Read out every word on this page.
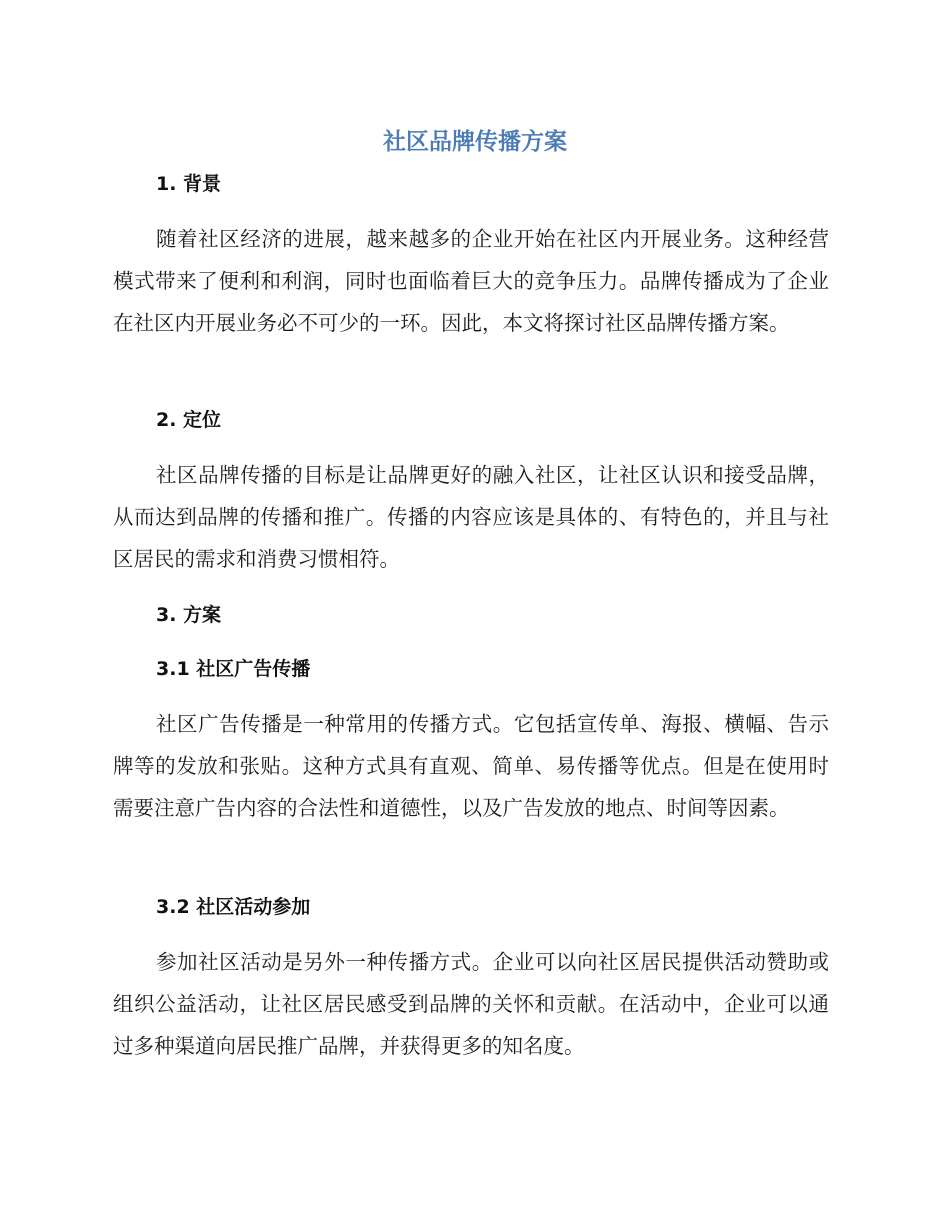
社区品牌传播方案
1. 背景

随着社区经济的进展，越来越多的企业开始在社区内开展业务。这种经营模式带来了便利和利润，同时也面临着巨大的竞争压力。品牌传播成为了企业在社区内开展业务必不可少的一环。因此，本文将探讨社区品牌传播方案。

2. 定位

社区品牌传播的目标是让品牌更好的融入社区，让社区认识和接受品牌，从而达到品牌的传播和推广。传播的内容应该是具体的、有特色的，并且与社区居民的需求和消费习惯相符。

3. 方案
3.1 社区广告传播

社区广告传播是一种常用的传播方式。它包括宣传单、海报、横幅、告示牌等的发放和张贴。这种方式具有直观、简单、易传播等优点。但是在使用时需要注意广告内容的合法性和道德性，以及广告发放的地点、时间等因素。

3.2 社区活动参加

参加社区活动是另外一种传播方式。企业可以向社区居民提供活动赞助或组织公益活动，让社区居民感受到品牌的关怀和贡献。在活动中，企业可以通过多种渠道向居民推广品牌，并获得更多的知名度。
